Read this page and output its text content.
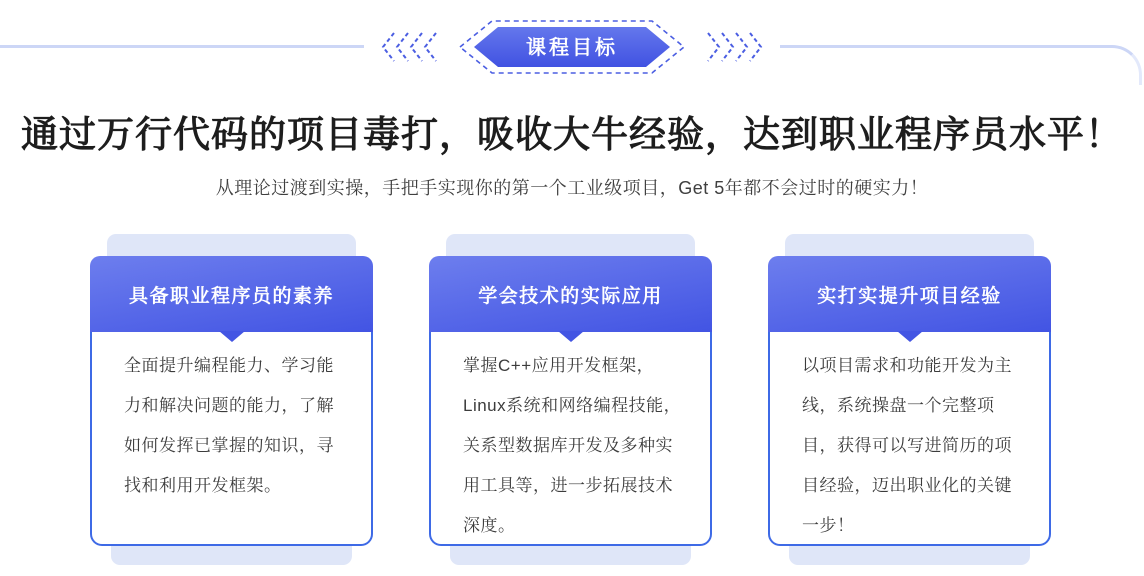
课程目标
通过万行代码的项目毒打，吸收大牛经验，达到职业程序员水平！

从理论过渡到实操，手把手实现你的第一个工业级项目，Get 5年都不会过时的硬实力！

具备职业程序员的素养
全面提升编程能力、学习能力和解决问题的能力，了解如何发挥已掌握的知识，寻找和利用开发框架。
学会技术的实际应用
掌握C++应用开发框架，Linux系统和网络编程技能，关系型数据库开发及多种实用工具等，进一步拓展技术深度。
实打实提升项目经验
以项目需求和功能开发为主线，系统操盘一个完整项目，获得可以写进简历的项目经验，迈出职业化的关键一步！
